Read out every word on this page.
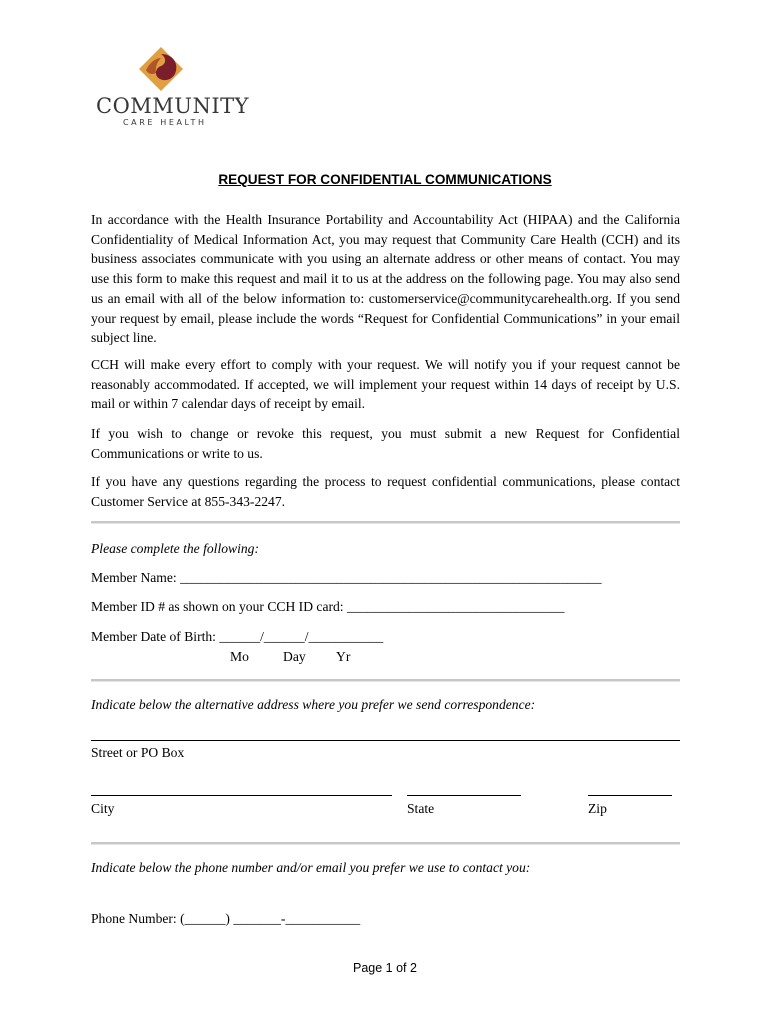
COMMUNITY
CARE HEALTH
REQUEST FOR CONFIDENTIAL COMMUNICATIONS

In accordance with the Health Insurance Portability and Accountability Act (HIPAA) and the California Confidentiality of Medical Information Act, you may request that Community Care Health (CCH) and its business associates communicate with you using an alternate address or other means of contact. You may use this form to make this request and mail it to us at the address on the following page. You may also send us an email with all of the below information to: customerservice@communitycarehealth.org. If you send your request by email, please include the words “Request for Confidential Communications” in your email subject line.

CCH will make every effort to comply with your request. We will notify you if your request cannot be reasonably accommodated. If accepted, we will implement your request within 14 days of receipt by U.S. mail or within 7 calendar days of receipt by email.

If you wish to change or revoke this request, you must submit a new Request for Confidential Communications or write to us.

If you have any questions regarding the process to request confidential communications, please contact Customer Service at 855-343-2247.

Please complete the following:
Member Name: ______________________________________________________________
Member ID # as shown on your CCH ID card: ________________________________
Member Date of Birth: ______/______/___________
Mo	Day Yr
Indicate below the alternative address where you prefer we send correspondence:
Street or PO Box
City	State	Zip
Indicate below the phone number and/or email you prefer we use to contact you:
Phone Number: (______) _______-___________
Page 1 of 2
